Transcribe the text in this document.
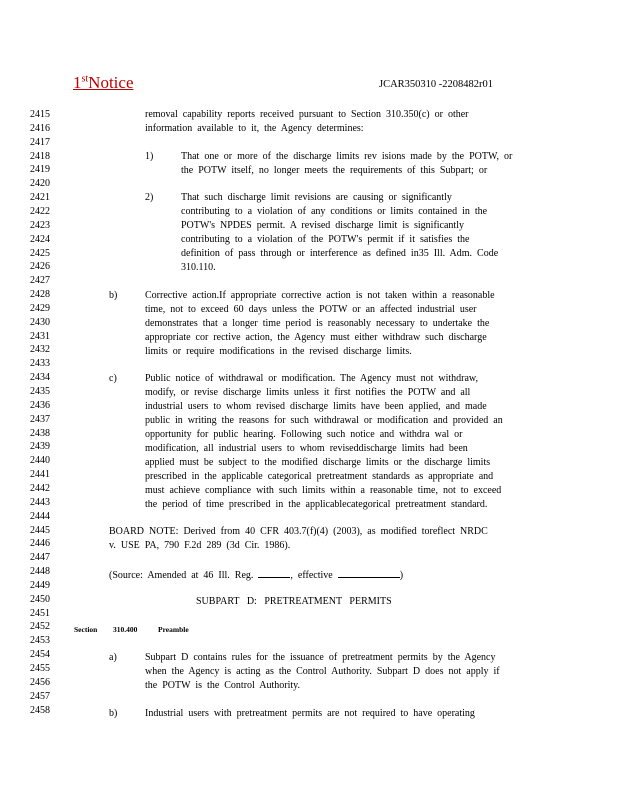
1stNotice	JCAR350310 -2208482r01
2415
2416
2417
2418
2419
2420
2421
2422
2423
2424
2425
2426
2427
2428
2429
2430
2431
2432
2433
2434
2435
2436
2437
2438
2439
2440
2441
2442
2443
2444
2445
2446
2447
2448
2449
2450
2451
2452
2453
2454
2455
2456
2457
2458
removal capability reports received pursuant to Section 310.350(c) or other
information available to it, the Agency determines:
1)	That one or more of the discharge limits rev isions made by the POTW, or
the POTW itself, no longer meets the requirements of this Subpart; or
2)	That such discharge limit revisions are causing or significantly
contributing to a violation of any conditions or limits contained in the
POTW's NPDES permit. A revised discharge limit is significantly
contributing to a violation of the POTW's permit if it satisfies the
definition of pass through or interference as defined in35 Ill. Adm. Code
310.110.
b)	Corrective action.If appropriate corrective action is not taken within a reasonable
time, not to exceed 60 days unless the POTW or an affected industrial user
demonstrates that a longer time period is reasonably necessary to undertake the
appropriate cor rective action, the Agency must either withdraw such discharge
limits or require modifications in the revised discharge limits.
c)	Public notice of withdrawal or modification. The Agency must not withdraw,
modify, or revise discharge limits unless it first notifies the POTW and all
industrial users to whom revised discharge limits have been applied, and made
public in writing the reasons for such withdrawal or modification and provided an
opportunity for public hearing. Following such notice and withdra wal or
modification, all industrial users to whom reviseddischarge limits had been
applied must be subject to the modified discharge limits or the discharge limits
prescribed in the applicable categorical pretreatment standards as appropriate and
must achieve compliance with such limits within a reasonable time, not to exceed
the period of time prescribed in the applicablecategorical pretreatment standard.
BOARD NOTE: Derived from 40 CFR 403.7(f)(4) (2003), as modified toreflect NRDC
v. USE PA, 790 F.2d 289 (3d Cir. 1986).
(Source: Amended at 46 Ill. Reg.	, effective	)
SUBPART D: PRETREATMENT PERMITS
Section 310.400	Preamble
a)	Subpart D contains rules for the issuance of pretreatment permits by the Agency
when the Agency is acting as the Control Authority. Subpart D does not apply if
the POTW is the Control Authority.
b)	Industrial users with pretreatment permits are not required to have operating
